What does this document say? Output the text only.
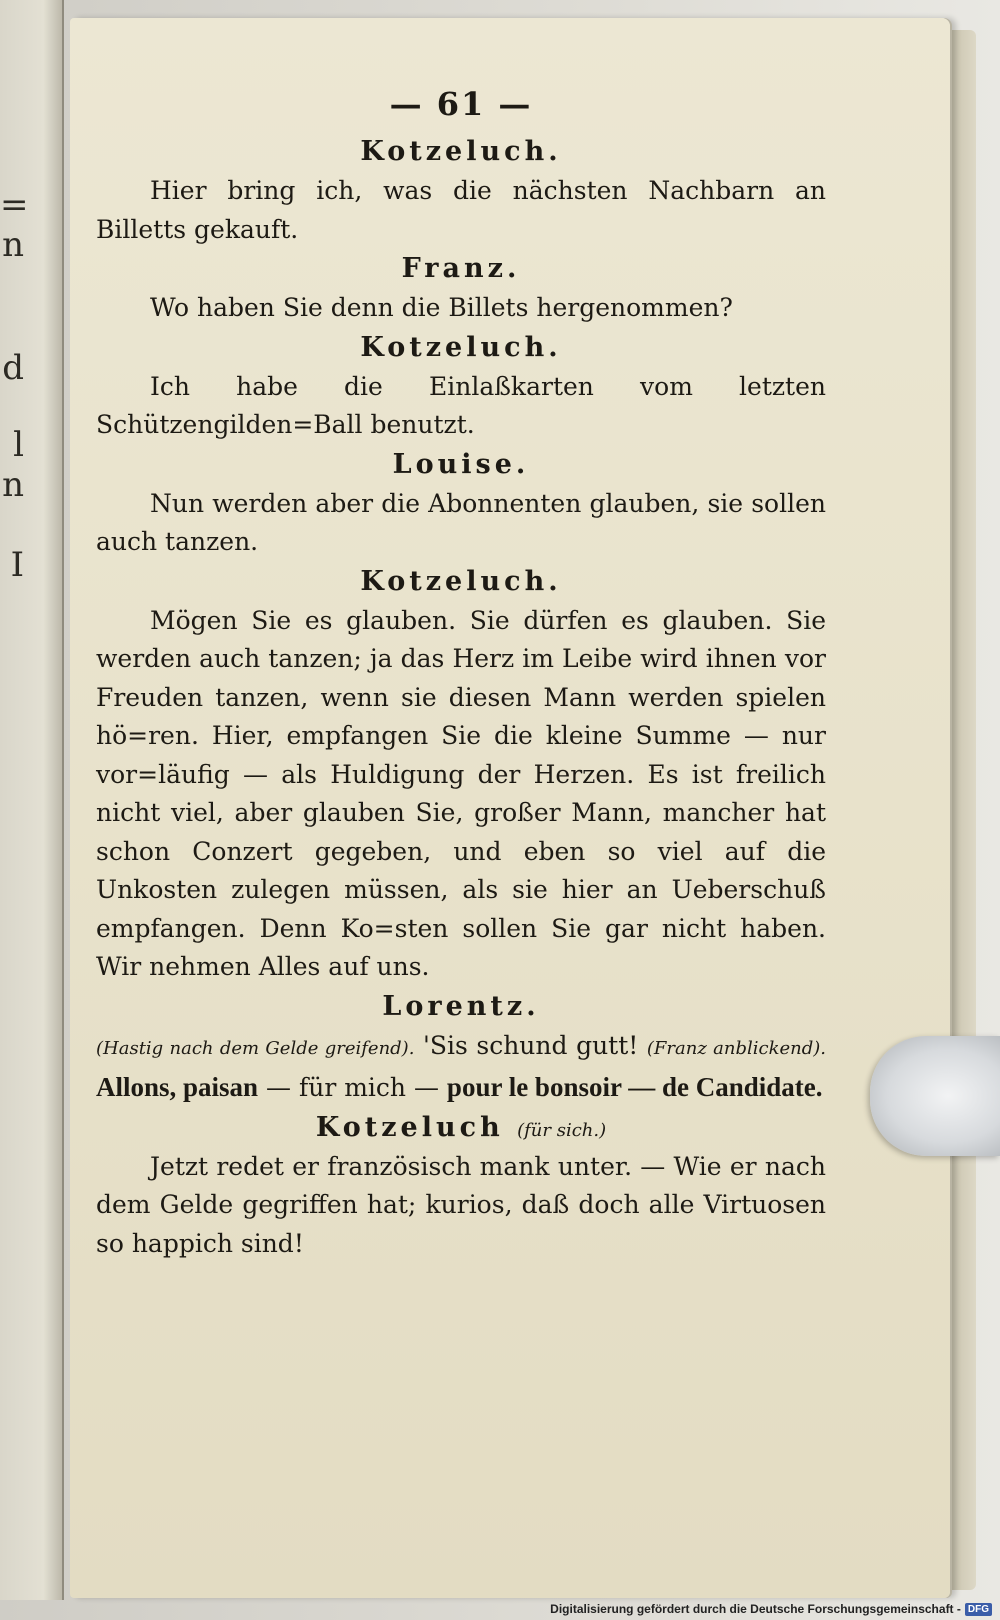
=
n
d
l
n
I
— 61 —
Kotzeluch.

Hier bring ich, was die nächsten Nachbarn an Billetts gekauft.

Franz.

Wo haben Sie denn die Billets hergenommen?

Kotzeluch.

Ich habe die Einlaßkarten vom letzten Schützengilden=Ball benutzt.

Louise.

Nun werden aber die Abonnenten glauben, sie sollen auch tanzen.

Kotzeluch.

Mögen Sie es glauben. Sie dürfen es glauben. Sie werden auch tanzen; ja das Herz im Leibe wird ihnen vor Freuden tanzen, wenn sie diesen Mann werden spielen hö=ren. Hier, empfangen Sie die kleine Summe — nur vor=läufig — als Huldigung der Herzen. Es ist freilich nicht viel, aber glauben Sie, großer Mann, mancher hat schon Conzert gegeben, und eben so viel auf die Unkosten zulegen müssen, als sie hier an Ueberschuß empfangen. Denn Ko=sten sollen Sie gar nicht haben. Wir nehmen Alles auf uns.

Lorentz.

(Hastig nach dem Gelde greifend). 'Sis schund gutt! (Franz anblickend). Allons, paisan — für mich — pour le bonsoir — de Candidate.

Kotzeluch (für sich.)

Jetzt redet er französisch mank unter. — Wie er nach dem Gelde gegriffen hat; kurios, daß doch alle Virtuosen so happich sind!

Digitalisierung gefördert durch die Deutsche Forschungsgemeinschaft - DFG
